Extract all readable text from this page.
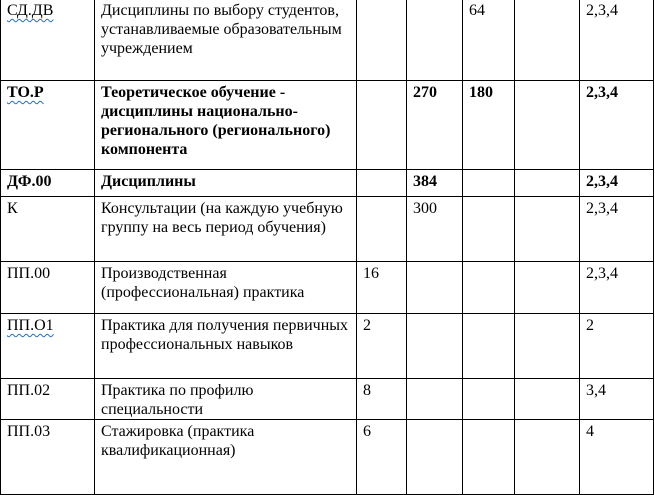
СД.ДВ	Дисциплины по выбору студентов, устанавливаемые образовательным учреждением			64		2,3,4
ТО.Р	Теоретическое обучение - дисциплины национально-регионального (регионального) компонента		270	180		2,3,4
ДФ.00	Дисциплины		384			2,3,4
К	Консультации (на каждую учебную группу на весь период обучения)		300			2,3,4
ПП.00	Производственная (профессиональная) практика	16				2,3,4
ПП.О1	Практика для получения первичных профессиональных навыков	2				2
ПП.02	Практика по профилю специальности	8				3,4
ПП.03	Стажировка (практика квалификационная)	6				4
